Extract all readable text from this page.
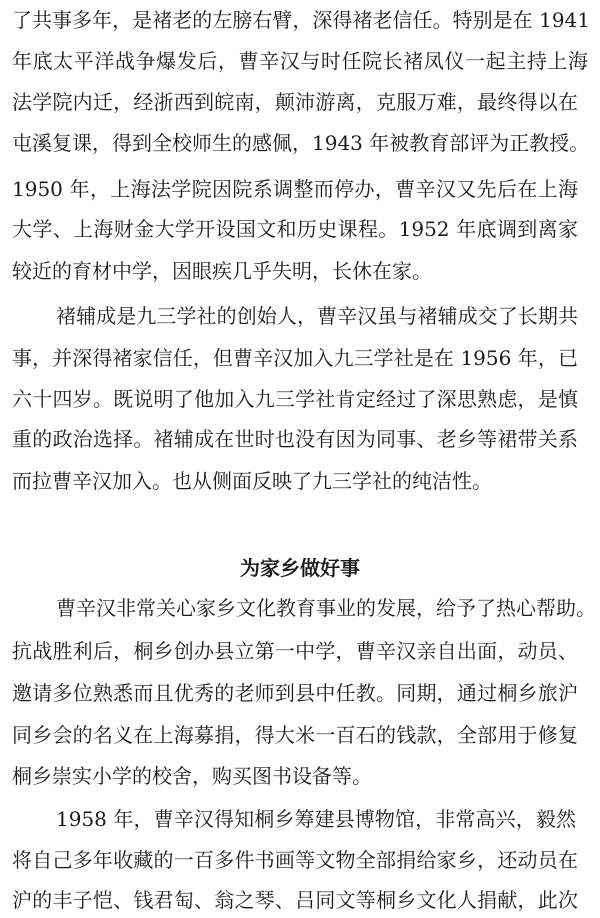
了共事多年，是褚老的左膀右臂，深得褚老信任。特别是在 1941
年底太平洋战争爆发后，曹辛汉与时任院长褚凤仪一起主持上海
法学院内迁，经浙西到皖南，颠沛游离，克服万难，最终得以在
屯溪复课，得到全校师生的感佩，1943 年被教育部评为正教授。
1950 年，上海法学院因院系调整而停办，曹辛汉又先后在上海
大学、上海财金大学开设国文和历史课程。1952 年底调到离家
较近的育材中学，因眼疾几乎失明，长休在家。
褚辅成是九三学社的创始人，曹辛汉虽与褚辅成交了长期共
事，并深得褚家信任，但曹辛汉加入九三学社是在 1956 年，已
六十四岁。既说明了他加入九三学社肯定经过了深思熟虑，是慎
重的政治选择。褚辅成在世时也没有因为同事、老乡等裙带关系
而拉曹辛汉加入。也从侧面反映了九三学社的纯洁性。
为家乡做好事
曹辛汉非常关心家乡文化教育事业的发展，给予了热心帮助。
抗战胜利后，桐乡创办县立第一中学，曹辛汉亲自出面，动员、
邀请多位熟悉而且优秀的老师到县中任教。同期，通过桐乡旅沪
同乡会的名义在上海募捐，得大米一百石的钱款，全部用于修复
桐乡崇实小学的校舍，购买图书设备等。
1958 年，曹辛汉得知桐乡筹建县博物馆，非常高兴，毅然
将自己多年收藏的一百多件书画等文物全部捐给家乡，还动员在
沪的丰子恺、钱君匋、翁之琴、吕同文等桐乡文化人捐献，此次
